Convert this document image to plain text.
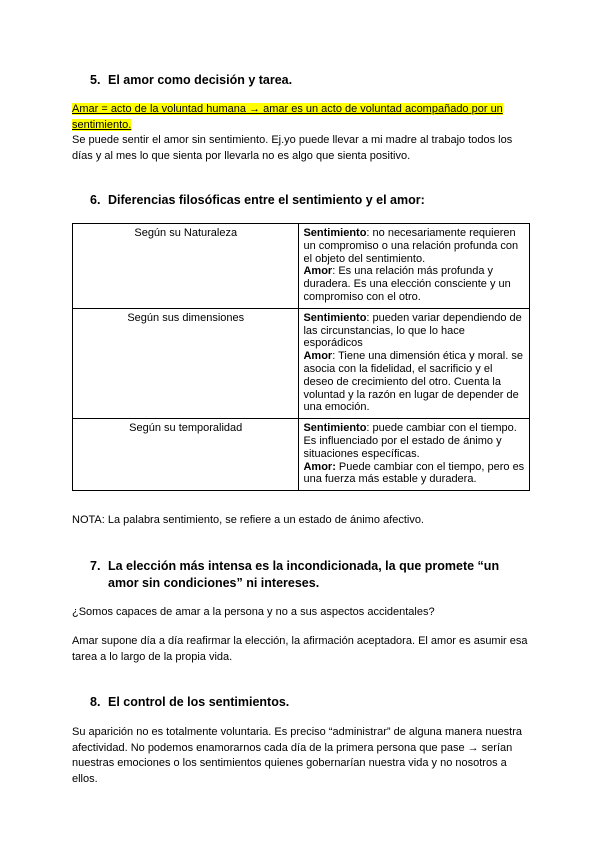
5. El amor como decisión y tarea.
Amar = acto de la voluntad humana → amar es un acto de voluntad acompañado por un sentimiento.
Se puede sentir el amor sin sentimiento. Ej.yo puede llevar a mi madre al trabajo todos los días y al mes lo que sienta por llevarla no es algo que sienta positivo.
6. Diferencias filosóficas entre el sentimiento y el amor:
Según su Naturaleza	Sentimiento: no necesariamente requieren un compromiso o una relación profunda con el objeto del sentimiento.
Amor: Es una relación más profunda y duradera. Es una elección consciente y un compromiso con el otro.
Según sus dimensiones	Sentimiento: pueden variar dependiendo de las circunstancias, lo que lo hace esporádicos
Amor: Tiene una dimensión ética y moral. se asocia con la fidelidad, el sacrificio y el deseo de crecimiento del otro. Cuenta la voluntad y la razón en lugar de depender de una emoción.
Según su temporalidad	Sentimiento: puede cambiar con el tiempo. Es influenciado por el estado de ánimo y situaciones específicas.
Amor: Puede cambiar con el tiempo, pero es una fuerza más estable y duradera.
NOTA: La palabra sentimiento, se refiere a un estado de ánimo afectivo.
7. La elección más intensa es la incondicionada, la que promete “un amor sin condiciones” ni intereses.
¿Somos capaces de amar a la persona y no a sus aspectos accidentales?
Amar supone día a día reafirmar la elección, la afirmación aceptadora. El amor es asumir esa tarea a lo largo de la propia vida.
8. El control de los sentimientos.
Su aparición no es totalmente voluntaria. Es preciso “administrar” de alguna manera nuestra afectividad. No podemos enamorarnos cada día de la primera persona que pase → serían nuestras emociones o los sentimientos quienes gobernarían nuestra vida y no nosotros a ellos.
